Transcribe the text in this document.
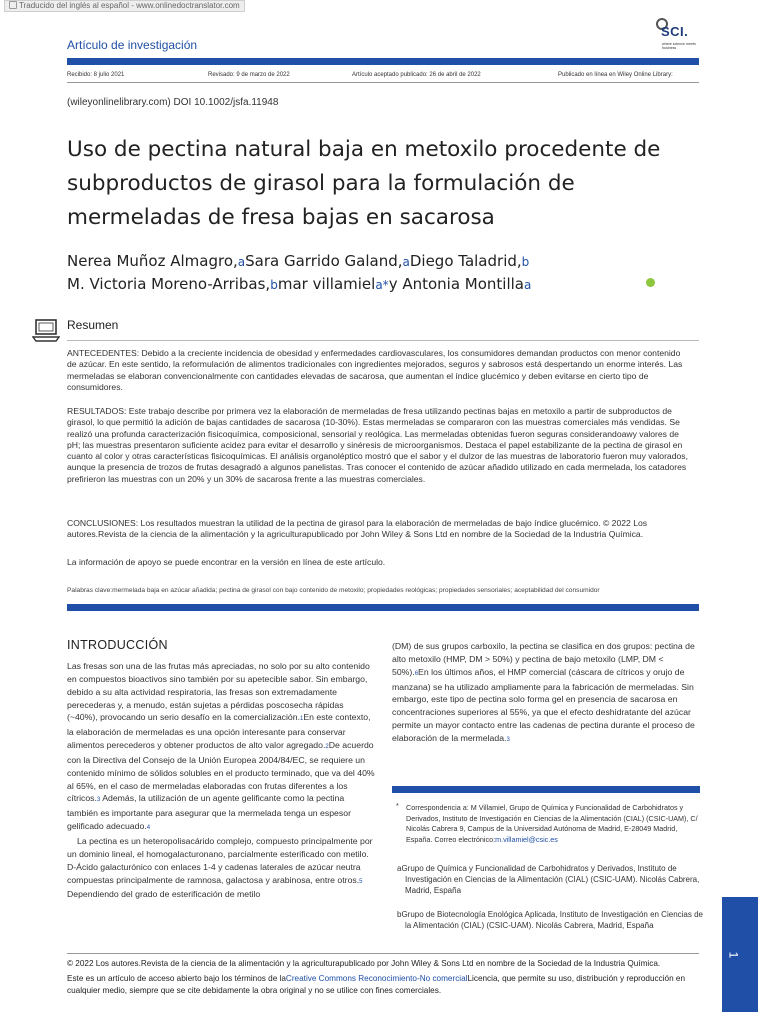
Traducido del inglés al español - www.onlinedoctranslator.com
Artículo de investigación
SCI.
where science meets business
Recibido: 8 julio 2021	Revisado: 9 de marzo de 2022	Artículo aceptado publicado: 26 de abril de 2022	Publicado en línea en Wiley Online Library:
(wileyonlinelibrary.com) DOI 10.1002/jsfa.11948
Uso de pectina natural baja en metoxilo procedente de subproductos de girasol para la formulación de mermeladas de fresa bajas en sacarosa
Nerea Muñoz Almagro,aSara Garrido Galand,aDiego Taladrid,b
M. Victoria Moreno-Arribas,bmar villamiela*y Antonia Montillaa
Resumen

ANTECEDENTES: Debido a la creciente incidencia de obesidad y enfermedades cardiovasculares, los consumidores demandan productos con menor contenido de azúcar. En este sentido, la reformulación de alimentos tradicionales con ingredientes mejorados, seguros y sabrosos está despertando un enorme interés. Las mermeladas se elaboran convencionalmente con cantidades elevadas de sacarosa, que aumentan el índice glucémico y deben evitarse en cierto tipo de consumidores.

RESULTADOS: Este trabajo describe por primera vez la elaboración de mermeladas de fresa utilizando pectinas bajas en metoxilo a partir de subproductos de girasol, lo que permitió la adición de bajas cantidades de sacarosa (10-30%). Estas mermeladas se compararon con las muestras comerciales más vendidas. Se realizó una profunda caracterización fisicoquímica, composicional, sensorial y reológica. Las mermeladas obtenidas fueron seguras considerandoawy valores de pH; las muestras presentaron suficiente acidez para evitar el desarrollo y sinéresis de microorganismos. Destaca el papel estabilizante de la pectina de girasol en cuanto al color y otras características fisicoquímicas. El análisis organoléptico mostró que el sabor y el dulzor de las muestras de laboratorio fueron muy valorados, aunque la presencia de trozos de frutas desagradó a algunos panelistas. Tras conocer el contenido de azúcar añadido utilizado en cada mermelada, los catadores prefirieron las muestras con un 20% y un 30% de sacarosa frente a las muestras comerciales.

CONCLUSIONES: Los resultados muestran la utilidad de la pectina de girasol para la elaboración de mermeladas de bajo índice glucémico. © 2022 Los autores.Revista de la ciencia de la alimentación y la agriculturapublicado por John Wiley & Sons Ltd en nombre de la Sociedad de la Industria Química.

La información de apoyo se puede encontrar en la versión en línea de este artículo.

Palabras clave:mermelada baja en azúcar añadida; pectina de girasol con bajo contenido de metoxilo; propiedades reológicas; propiedades sensoriales; aceptabilidad del consumidor
INTRODUCCIÓN
Las fresas son una de las frutas más apreciadas, no solo por su alto contenido en compuestos bioactivos sino también por su apetecible sabor. Sin embargo, debido a su alta actividad respiratoria, las fresas son extremadamente perecederas y, a menudo, están sujetas a pérdidas poscosecha rápidas (~40%), provocando un serio desafío en la comercialización.1En este contexto, la elaboración de mermeladas es una opción interesante para conservar alimentos perecederos y obtener productos de alto valor agregado.2De acuerdo con la Directiva del Consejo de la Unión Europea 2004/84/EC, se requiere un contenido mínimo de sólidos solubles en el producto terminado, que va del 40% al 65%, en el caso de mermeladas elaboradas con frutas diferentes a los cítricos.3 Además, la utilización de un agente gelificante como la pectina también es importante para asegurar que la mermelada tenga un espesor gelificado adecuado.4
La pectina es un heteropolisacárido complejo, compuesto principalmente por un dominio lineal, el homogalacturonano, parcialmente esterificado con metilo. D-Ácido galacturónico con enlaces 1-4 y cadenas laterales de azúcar neutra compuestas principalmente de ramnosa, galactosa y arabinosa, entre otros.5 Dependiendo del grado de esterificación de metilo
(DM) de sus grupos carboxilo, la pectina se clasifica en dos grupos: pectina de alto metoxilo (HMP, DM > 50%) y pectina de bajo metoxilo (LMP, DM < 50%).6En los últimos años, el HMP comercial (cáscara de cítricos y orujo de manzana) se ha utilizado ampliamente para la fabricación de mermeladas. Sin embargo, este tipo de pectina solo forma gel en presencia de sacarosa en concentraciones superiores al 55%, ya que el efecto deshidratante del azúcar permite un mayor contacto entre las cadenas de pectina durante el proceso de elaboración de la mermelada.3
* Correspondencia a: M Villamiel, Grupo de Química y Funcionalidad de Carbohidratos y Derivados, Instituto de Investigación en Ciencias de la Alimentación (CIAL) (CSIC-UAM), C/ Nicolás Cabrera 9, Campus de la Universidad Autónoma de Madrid, E-28049 Madrid, España. Correo electrónico:m.villamiel@csic.es
aGrupo de Química y Funcionalidad de Carbohidratos y Derivados, Instituto de Investigación en Ciencias de la Alimentación (CIAL) (CSIC-UAM). Nicolás Cabrera, Madrid, España
bGrupo de Biotecnología Enológica Aplicada, Instituto de Investigación en Ciencias de la Alimentación (CIAL) (CSIC-UAM). Nicolás Cabrera, Madrid, España
© 2022 Los autores.Revista de la ciencia de la alimentación y la agriculturapublicado por John Wiley & Sons Ltd en nombre de la Sociedad de la Industria Química.
Este es un artículo de acceso abierto bajo los términos de laCreative Commons Reconocimiento-No comercialLicencia, que permite su uso, distribución y reproducción en cualquier medio, siempre que se cite debidamente la obra original y no se utilice con fines comerciales.
1
